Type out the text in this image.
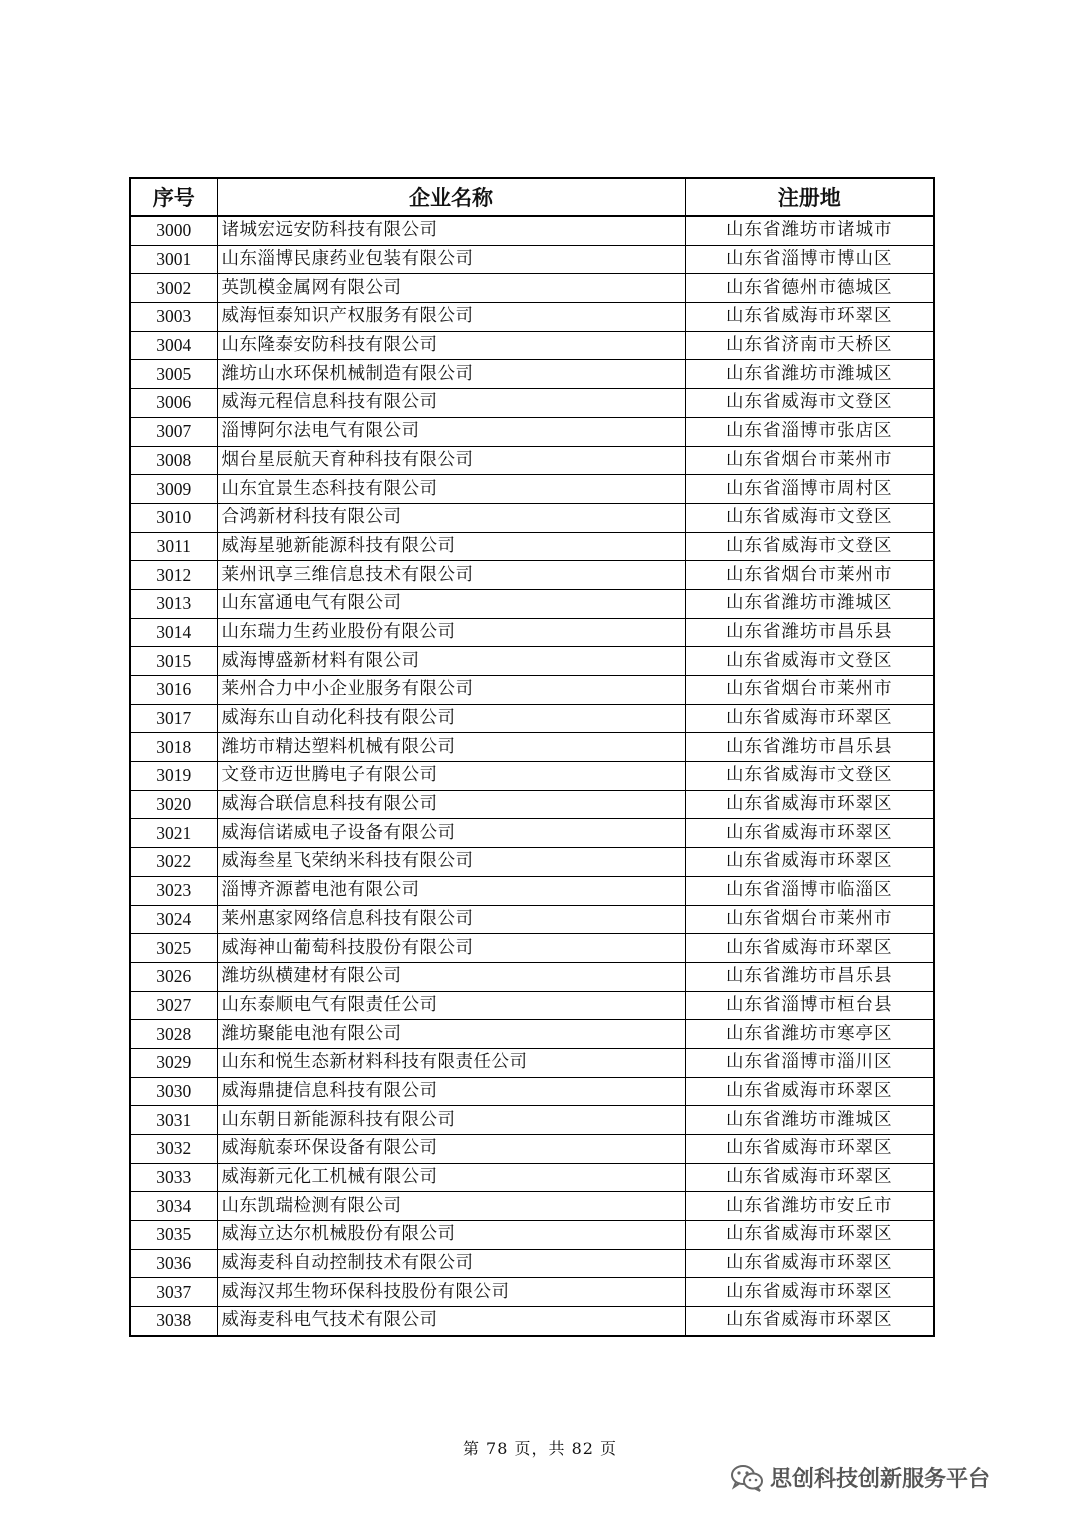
序号	企业名称	注册地
3000	诸城宏远安防科技有限公司	山东省潍坊市诸城市
3001	山东淄博民康药业包装有限公司	山东省淄博市博山区
3002	英凯模金属网有限公司	山东省德州市德城区
3003	威海恒泰知识产权服务有限公司	山东省威海市环翠区
3004	山东隆泰安防科技有限公司	山东省济南市天桥区
3005	潍坊山水环保机械制造有限公司	山东省潍坊市潍城区
3006	威海元程信息科技有限公司	山东省威海市文登区
3007	淄博阿尔法电气有限公司	山东省淄博市张店区
3008	烟台星辰航天育种科技有限公司	山东省烟台市莱州市
3009	山东宜景生态科技有限公司	山东省淄博市周村区
3010	合鸿新材科技有限公司	山东省威海市文登区
3011	威海星驰新能源科技有限公司	山东省威海市文登区
3012	莱州讯享三维信息技术有限公司	山东省烟台市莱州市
3013	山东富通电气有限公司	山东省潍坊市潍城区
3014	山东瑞力生药业股份有限公司	山东省潍坊市昌乐县
3015	威海博盛新材料有限公司	山东省威海市文登区
3016	莱州合力中小企业服务有限公司	山东省烟台市莱州市
3017	威海东山自动化科技有限公司	山东省威海市环翠区
3018	潍坊市精达塑料机械有限公司	山东省潍坊市昌乐县
3019	文登市迈世腾电子有限公司	山东省威海市文登区
3020	威海合联信息科技有限公司	山东省威海市环翠区
3021	威海信诺威电子设备有限公司	山东省威海市环翠区
3022	威海叁星飞荣纳米科技有限公司	山东省威海市环翠区
3023	淄博齐源蓄电池有限公司	山东省淄博市临淄区
3024	莱州惠家网络信息科技有限公司	山东省烟台市莱州市
3025	威海神山葡萄科技股份有限公司	山东省威海市环翠区
3026	潍坊纵横建材有限公司	山东省潍坊市昌乐县
3027	山东泰顺电气有限责任公司	山东省淄博市桓台县
3028	潍坊聚能电池有限公司	山东省潍坊市寒亭区
3029	山东和悦生态新材料科技有限责任公司	山东省淄博市淄川区
3030	威海鼎捷信息科技有限公司	山东省威海市环翠区
3031	山东朝日新能源科技有限公司	山东省潍坊市潍城区
3032	威海航泰环保设备有限公司	山东省威海市环翠区
3033	威海新元化工机械有限公司	山东省威海市环翠区
3034	山东凯瑞检测有限公司	山东省潍坊市安丘市
3035	威海立达尔机械股份有限公司	山东省威海市环翠区
3036	威海麦科自动控制技术有限公司	山东省威海市环翠区
3037	威海汉邦生物环保科技股份有限公司	山东省威海市环翠区
3038	威海麦科电气技术有限公司	山东省威海市环翠区
第 78 页，共 82 页
思创科技创新服务平台
